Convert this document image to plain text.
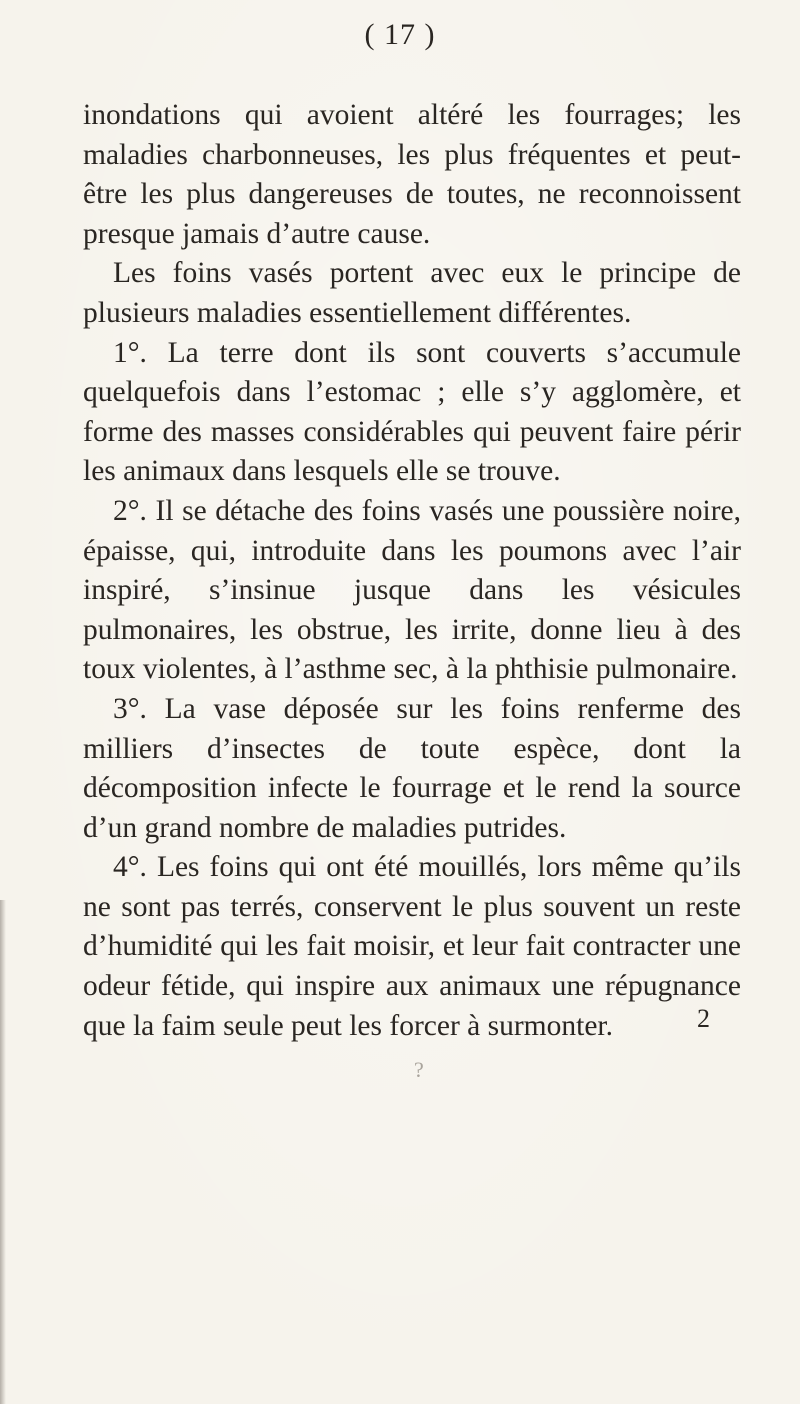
( 17 )

inondations qui avoient altéré les fourrages; les maladies charbonneuses, les plus fréquentes et peut-être les plus dangereuses de toutes, ne reconnoissent presque jamais d’autre cause.

Les foins vasés portent avec eux le principe de plusieurs maladies essentiellement différentes.

1°. La terre dont ils sont couverts s’accumule quelquefois dans l’estomac ; elle s’y agglomère, et forme des masses considérables qui peuvent faire périr les animaux dans lesquels elle se trouve.

2°. Il se détache des foins vasés une poussière noire, épaisse, qui, introduite dans les poumons avec l’air inspiré, s’insinue jusque dans les vésicules pulmonaires, les obstrue, les irrite, donne lieu à des toux violentes, à l’asthme sec, à la phthisie pulmonaire.

3°. La vase déposée sur les foins renferme des milliers d’insectes de toute espèce, dont la décomposition infecte le fourrage et le rend la source d’un grand nombre de maladies putrides.

4°. Les foins qui ont été mouillés, lors même qu’ils ne sont pas terrés, conservent le plus souvent un reste d’humidité qui les fait moisir, et leur fait contracter une odeur fétide, qui inspire aux animaux une répugnance que la faim seule peut les forcer à surmonter.	2
?
